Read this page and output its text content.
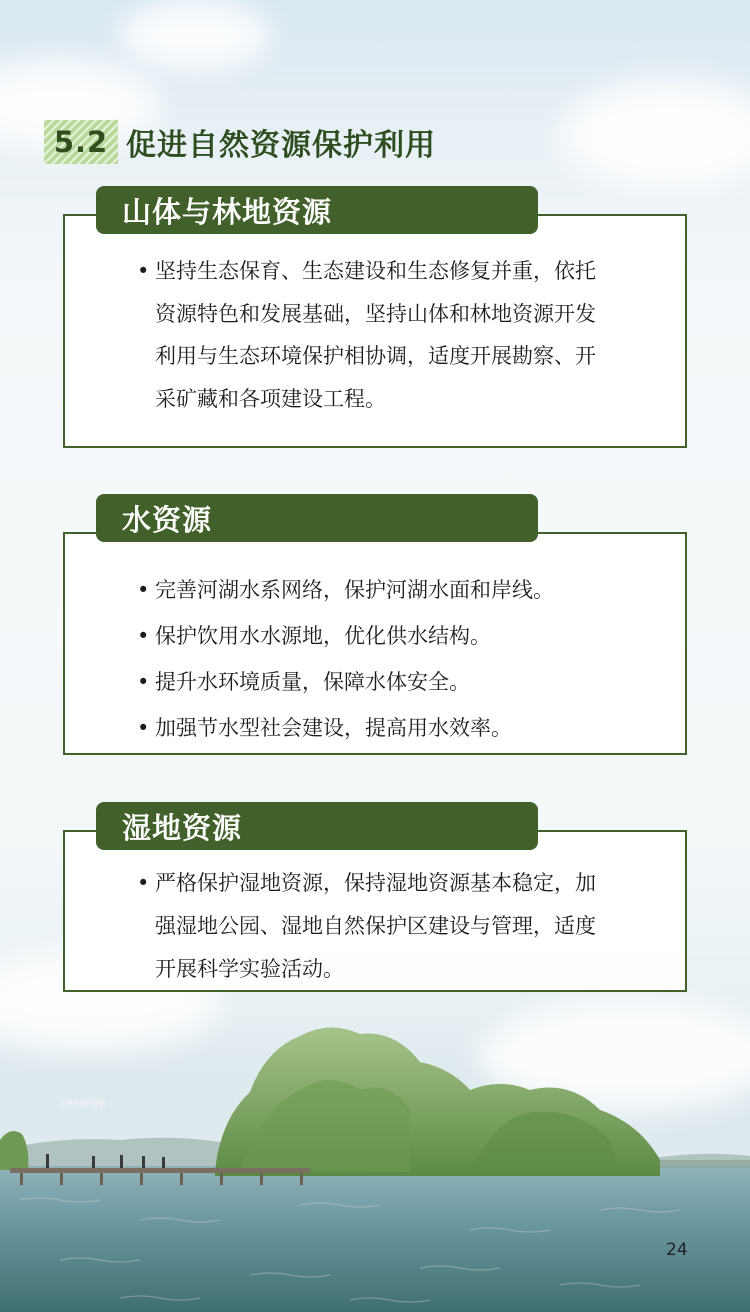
5.2 促进自然资源保护利用
• 坚持生态保育、生态建设和生态修复并重，依托资源特色和发展基础，坚持山体和林地资源开发利用与生态环境保护相协调，适度开展勘察、开采矿藏和各项建设工程。
山体与林地资源
• 完善河湖水系网络，保护河湖水面和岸线。
• 保护饮用水水源地，优化供水结构。
• 提升水环境质量，保障水体安全。
• 加强节水型社会建设，提高用水效率。
水资源
• 严格保护湿地资源，保持湿地资源基本稳定，加强湿地公园、湿地自然保护区建设与管理，适度开展科学实验活动。
湿地资源
C省市规划局
24
